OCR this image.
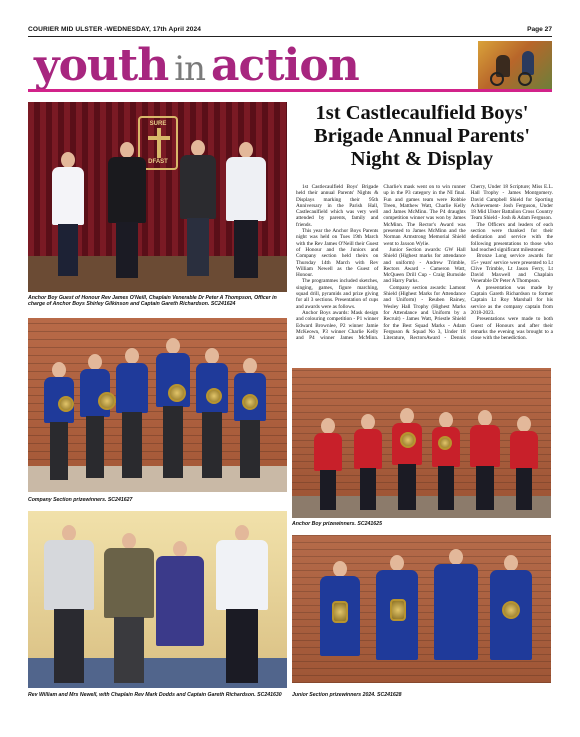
COURIER MID ULSTER -WEDNESDAY, 17th April 2024	Page 27
youth in action
SURE
DFAST
Anchor Boy Guest of Honour Rev James O'Neill, Chaplain Venerable Dr Peter A Thompson, Officer in charge of Anchor Boys Shirley Gilkinson and Captain Gareth Richardson. SC241624
Company Section prizewinners. SC241627
Rev William and Mrs Newell, with Chaplain Rev Mark Dodds and Captain Gareth Richardson. SC241630
1st Castlecaulfield Boys' Brigade Annual Parents' Night & Display

1st Castlecaulfield Boys' Brigade held their annual Parents' Nights & Displays marking their 95th Anniversary in the Parish Hall, Castlecaulfield which was very well attended by parents, family and friends.

This year the Anchor Boys Parents night was held on Tues 19th March with the Rev James O'Neill their Guest of Honour and the Juniors and Company section held theirs on Thursday 14th March with Rev William Newell as the Guest of Honour.

The programmes included sketches, singing, games, figure marching, squad drill, pyramids and prize giving for all 3 sections. Presentation of cups and awards were as follows.

Anchor Boys awards: Mask design and colouring competition - P1 winner Edward Brownlee, P2 winner Jamie McKeown, P3 winner Charlie Kelly and P4 winner James McMinn. Charlie's mask went on to win runner up in the P3 category in the NI final. Fun and games team were Robbie Treen, Matthew Watt, Charlie Kelly and James McMinn. The P4 draughts competition winner was won by James McMinn. The Rector's Award was presented to James McMinn and the Norman Armstrong Memorial Shield went to Jaxson Wylie.

Junior Section awards: GW Hall Shield (Highest marks for attendance and uniform) - Andrew Trimble, Rectors Award - Cameron Watt, McQueen Drill Cup - Craig Burnside and Harry Parks.

Company section awards: Lamont Shield (Highest Marks for Attendance and Uniform) - Reuben Rainey, Wesley Hall Trophy (Highest Marks for Attendance and Uniform by a Recruit) - James Watt, Priestle Shield for the Best Squad Marks - Adam Ferguson & Squad No 3, Under 18 Literature, RectorsAward - Dennis Cherry, Under 18 Scripture; Miss E.L. Hall Trophy - James Montgomery. David Campbell Shield for Sporting Achievement- Josh Ferguson, Under 18 Mid Ulster Battalion Cross Country Team Shield - Josh & Adam Ferguson.

The Officers and leaders of each section were thanked for their dedication and service with the following presentations to those who had reached significant milestones:

Bronze Long service awards for 15+ years' service were presented to Lt Clive Trimble, Lt Jason Ferry, Lt David Maxwell and Chaplain Venerable Dr Peter A Thompson.

A presentation was made by Captain Gareth Richardson to former Captain Lt Roy Marshall for his service as the company captain from 2018-2023.

Presentations were made to both Guest of Honours and after their remarks the evening was brought to a close with the benediction.

Anchor Boy prizewinners. SC241625
Junior Section prizewinners 2024. SC241628
